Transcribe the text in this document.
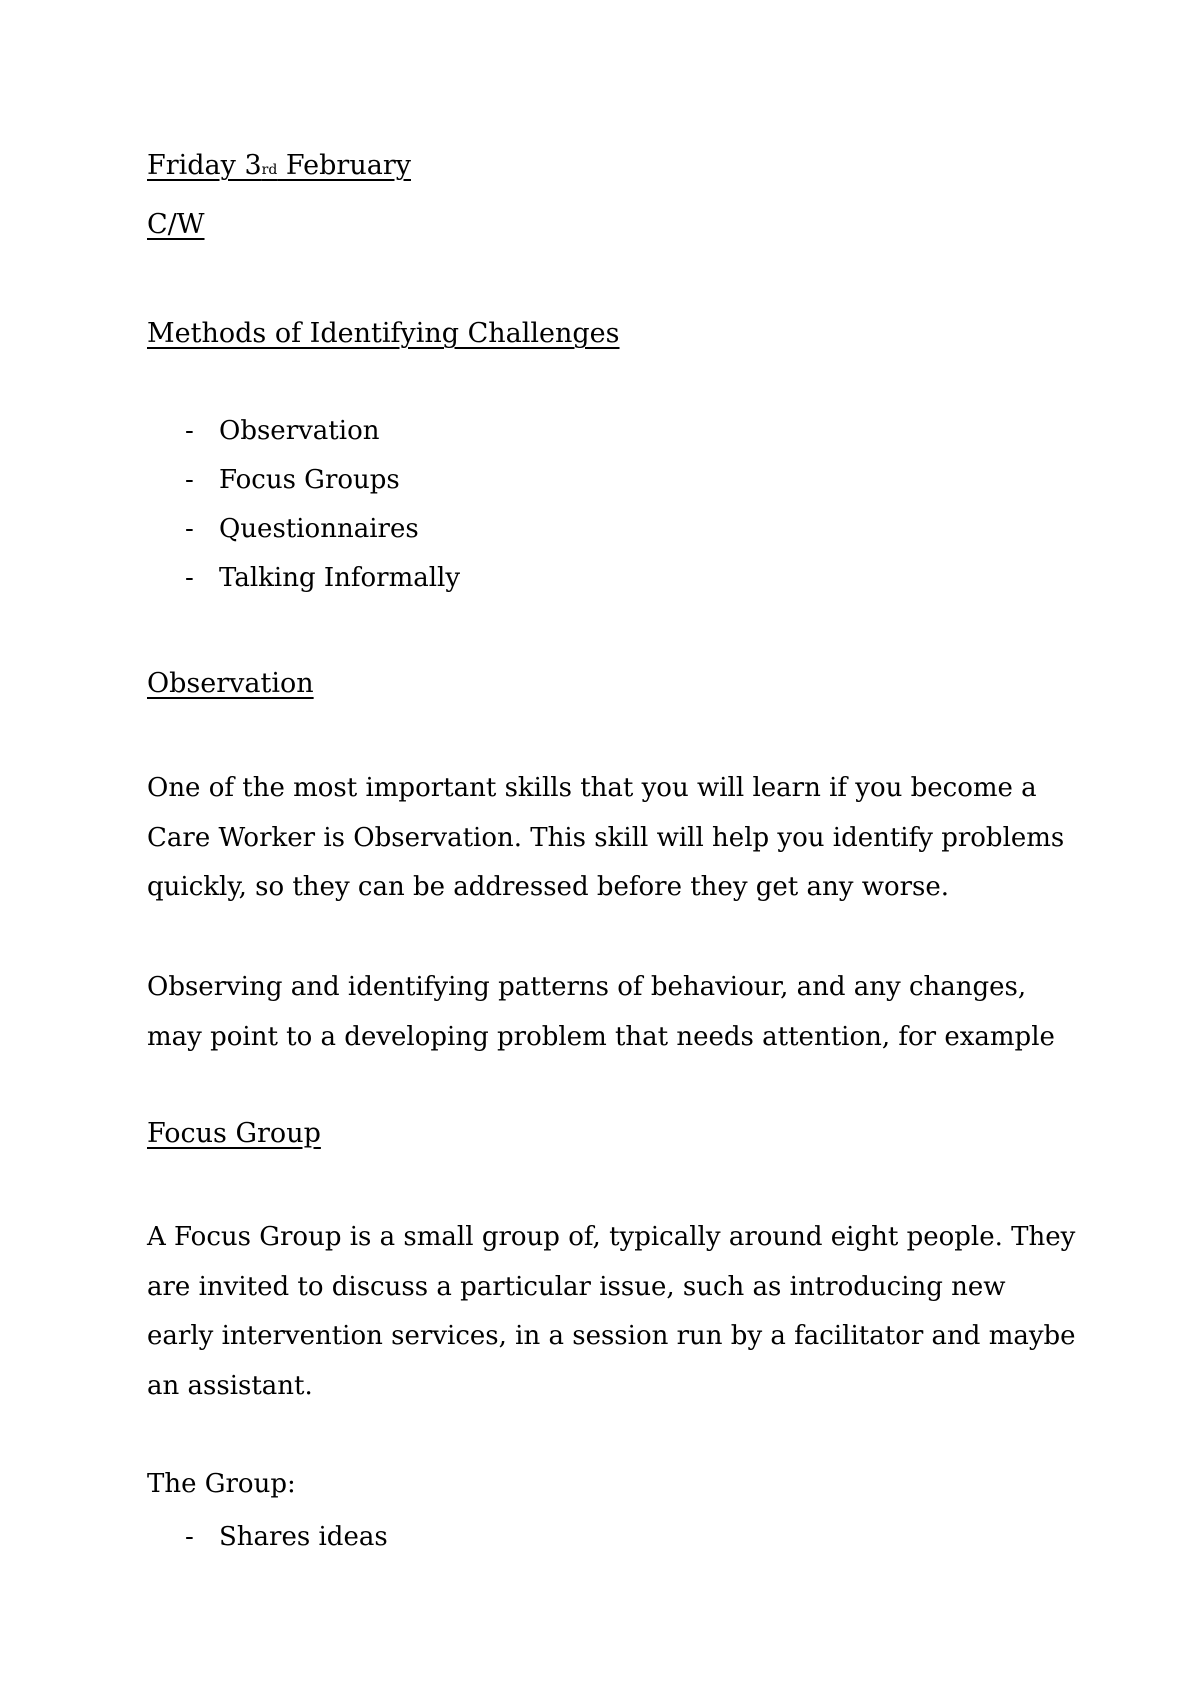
Friday 3rd February
C/W
Methods of Identifying Challenges
- Observation
- Focus Groups
- Questionnaires
- Talking Informally
Observation

One of the most important skills that you will learn if you become a Care Worker is Observation. This skill will help you identify problems quickly, so they can be addressed before they get any worse.

Observing and identifying patterns of behaviour, and any changes, may point to a developing problem that needs attention, for example

Focus Group

A Focus Group is a small group of, typically around eight people. They are invited to discuss a particular issue, such as introducing new early intervention services, in a session run by a facilitator and maybe an assistant.

The Group:
- Shares ideas
